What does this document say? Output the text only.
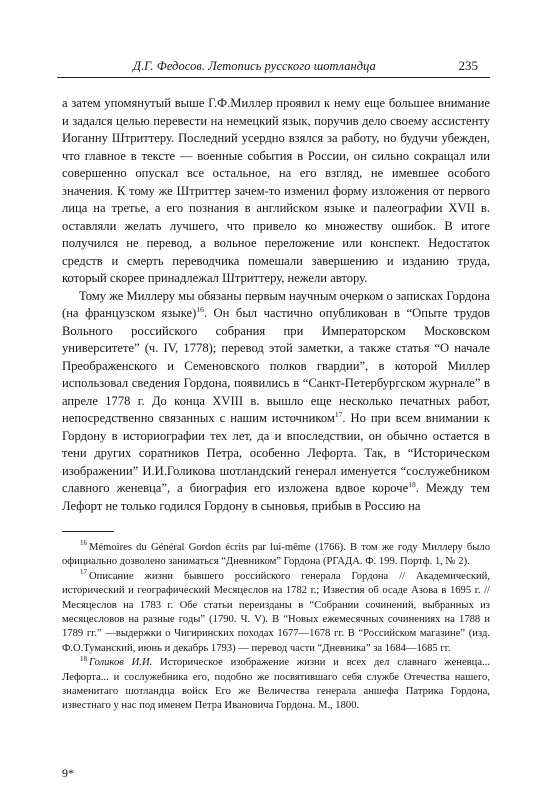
Д.Г. Федосов. Летопись русского шотландца	235

а затем упомянутый выше Г.Ф.Миллер проявил к нему еще большее внимание и задался целью перевести на немецкий язык, поручив дело своему ассистенту Иоганну Штриттеру. Последний усердно взялся за работу, но будучи убежден, что главное в тексте — военные события в России, он сильно сокращал или совершенно опускал все остальное, на его взгляд, не имевшее особого значения. К тому же Штриттер зачем-то изменил форму изложения от первого лица на третье, а его познания в английском языке и палеографии XVII в. оставляли желать лучшего, что привело ко множеству ошибок. В итоге получился не перевод, а вольное переложение или конспект. Недостаток средств и смерть переводчика помешали завершению и изданию труда, который скорее принадлежал Штриттеру, нежели автору.

Тому же Миллеру мы обязаны первым научным очерком о записках Гордона (на французском языке)$^{16}$. Он был частично опубликован в “Опыте трудов Вольного российского собрания при Императорском Московском университете” (ч. IV, 1778); перевод этой заметки, а также статья “О начале Преображенского и Семеновского полков гвардии”, в которой Миллер использовал сведения Гордона, появились в “Санкт-Петербургском журнале” в апреле 1778 г. До конца XVIII в. вышло еще несколько печатных работ, непосредственно связанных с нашим источником$^{17}$. Но при всем внимании к Гордону в историографии тех лет, да и впоследствии, он обычно остается в тени других соратников Петра, особенно Лефорта. Так, в “Историческом изображении” И.И.Голикова шотландский генерал именуется “сослужебником славного женевца”, а биография его изложена вдвое короче$^{18}$. Между тем Лефорт не только годился Гордону в сыновья, прибыв в Россию на

$^{16}$ Mémoires du Général Gordon écrits par lui-même (1766). В том же году Миллеру было официально дозволено заниматься “Дневником” Гордона (РГАДА. Ф. 199. Портф. 1, № 2).

$^{17}$ Описание жизни бывшего российского генерала Гордона // Академический, исторический и географический Месяцеслов на 1782 г.; Известия об осаде Азова в 1695 г. // Месяцеслов на 1783 г. Обе статьи переизданы в “Собрании сочинений, выбранных из месяцесловов на разные годы” (1790. Ч. V). В “Новых ежемесячных сочинениях на 1788 и 1789 гг.” —выдержки о Чигиринских походах 1677—1678 гг. В “Российском магазине” (изд. Ф.О.Туманский, июнь и декабрь 1793) — перевод части “Дневника” за 1684—1685 гг.

$^{18}$ Голиков И.И. Историческое изображение жизни и всех дел славнаго женевца... Лефорта... и сослужебника его, подобно же посвятившаго себя службе Отечества нашего, знаменитаго шотландца войск Его же Величества генерала аншефа Патрика Гордона, известнаго у нас под именем Петра Ивановича Гордона. М., 1800.

9*
